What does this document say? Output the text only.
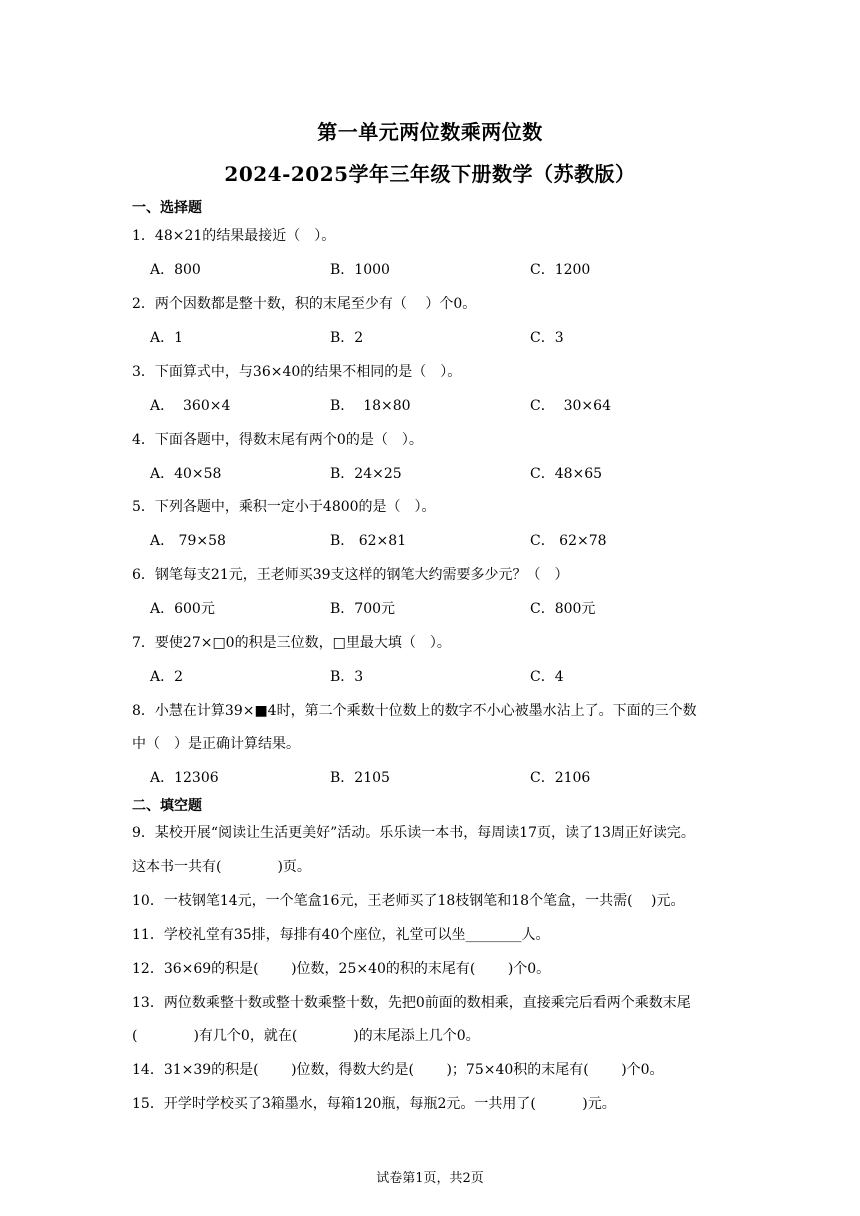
第一单元两位数乘两位数
2024-2025学年三年级下册数学（苏教版）
一、选择题
1．48×21的结果最接近（　）。
A．800	B．1000	C．1200
2．两个因数都是整十数，积的末尾至少有（　 ）个0。
A．1	B．2	C．3
3．下面算式中，与36×40的结果不相同的是（　）。
A．  360×4	B．  18×80	C．  30×64
4．下面各题中，得数末尾有两个0的是（　）。
A．40×58	B．24×25	C．48×65
5．下列各题中，乘积一定小于4800的是（　）。
A． 79×58	B． 62×81	C． 62×78
6．钢笔每支21元，王老师买39支这样的钢笔大约需要多少元？（　）
A．600元	B．700元	C．800元
7．要使27×□0的积是三位数，□里最大填（　）。
A．2	B．3	C．4
8．小慧在计算39×■4时，第二个乘数十位数上的数字不小心被墨水沾上了。下面的三个数
中（　）是正确计算结果。
A．12306	B．2105	C．2106
二、填空题
9．某校开展“阅读让生活更美好”活动。乐乐读一本书，每周读17页，读了13周正好读完。
这本书一共有(　　　　)页。
10．一枝钢笔14元，一个笔盒16元，王老师买了18枝钢笔和18个笔盒，一共需(　 )元。
11．学校礼堂有35排，每排有40个座位，礼堂可以坐________人。
12．36×69的积是(　　 )位数，25×40的积的末尾有(　　 )个0。
13．两位数乘整十数或整十数乘整十数，先把0前面的数相乘，直接乘完后看两个乘数末尾
(　　　　)有几个0，就在(　　　　)的末尾添上几个0。
14．31×39的积是(　　 )位数，得数大约是(　　 )；75×40积的末尾有(　　 )个0。
15．开学时学校买了3箱墨水，每箱120瓶，每瓶2元。一共用了(　　　 )元。
试卷第1页，共2页
